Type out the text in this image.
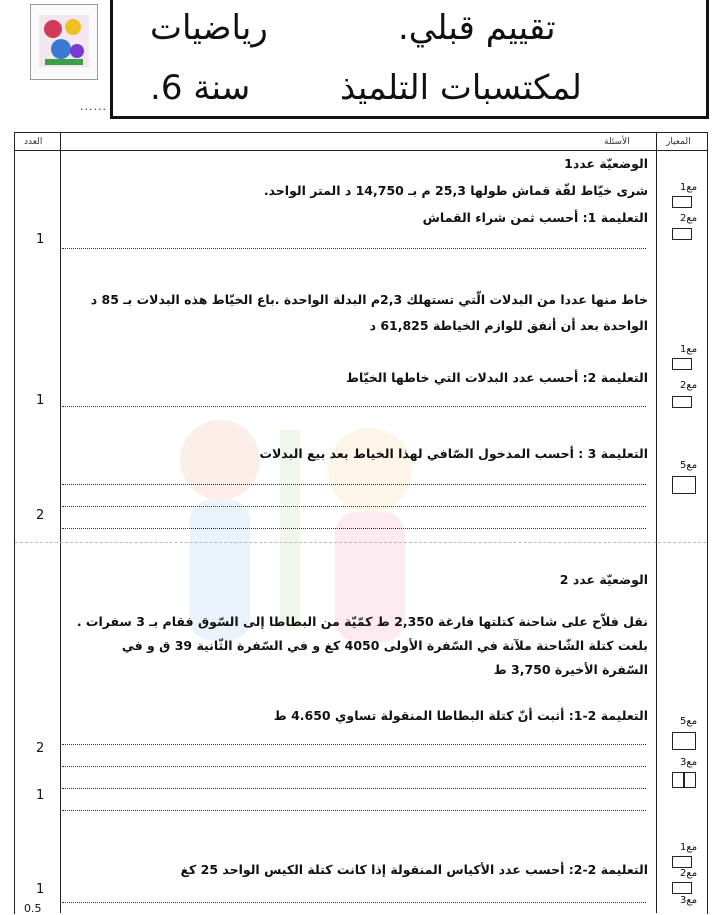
......
تقييم قبلي.
رياضيات
لمكتسبات التلميذ
سنة 6.
المعيار
الأسئلة
العدد
الوضعيّة عدد1
شرى خيّاط لفّة قماش طولها 25,3 م بـ 14,750 د المتر الواحد.
التعليمة 1: أحسب ثمن شراء القماش
خاط منها عددا من البدلات الّتي تستهلك 2,3م البدلة الواحدة .باع الخيّاط هذه البدلات بـ 85 د
الواحدة بعد أن أنفق للوازم الخياطة 61,825 د
التعليمة 2: أحسب عدد البدلات التي خاطها الخيّاط
التعليمة 3 : أحسب المدخول الصّافي لهذا الخياط بعد بيع البدلات
الوضعيّة عدد 2
نقل فلاّح على شاحنة كتلتها فارغة 2,350 ط كمّيّة من البطاطا إلى السّوق فقام بـ 3 سفرات .
بلغت كتلة الشّاحنة ملآنة في السّفرة الأولى 4050 كغ و في السّفرة الثّانية 39 ق و في
السّفرة الأخيرة 3,750 ط
التعليمة 2-1: أثبت أنّ كتلة البطاطا المنقولة تساوي 4.650 ط
التعليمة 2-2: أحسب عدد الأكياس المنقولة إذا كانت كتلة الكيس الواحد 25 كغ
1
1
2
2
1
1
0.5
مع1
مع2
مع1
مع2
مع5
مع5
مع3
مع1
مع2
مع3
